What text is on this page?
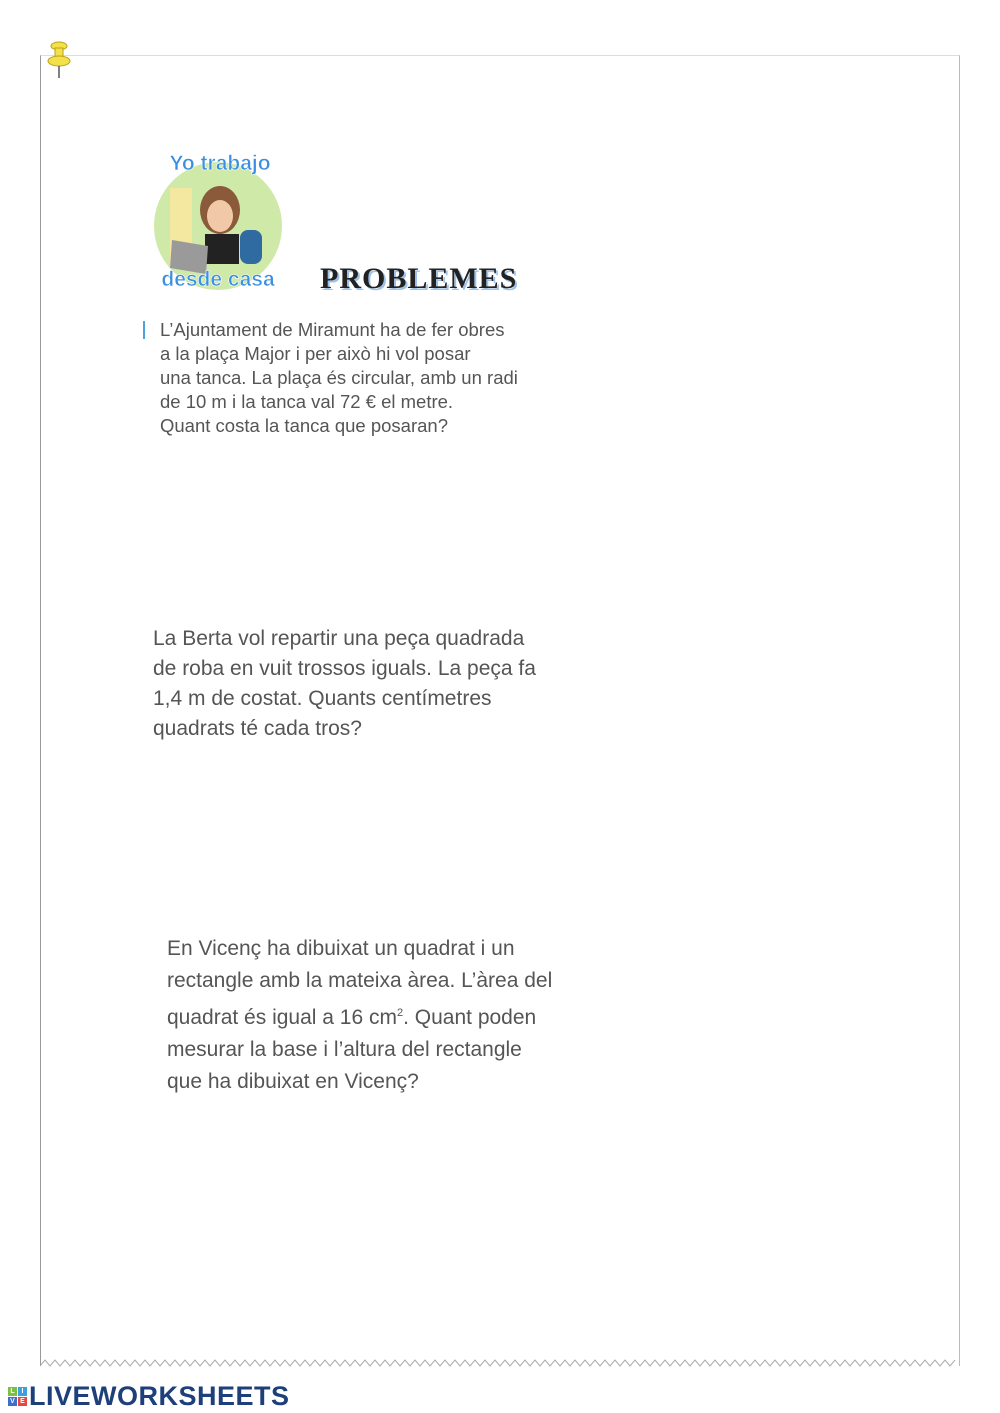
Yo trabajo
desde casa PROBLEMES
L’Ajuntament de Miramunt ha de fer obres
a la plaça Major i per això hi vol posar
una tanca. La plaça és circular, amb un radi
de 10 m i la tanca val 72 € el metre.
Quant costa la tanca que posaran?
La Berta vol repartir una peça quadrada
de roba en vuit trossos iguals. La peça fa
1,4 m de costat. Quants centímetres
quadrats té cada tros?
En Vicenç ha dibuixat un quadrat i un
rectangle amb la mateixa àrea. L’àrea del
quadrat és igual a 16 $cm^2$. Quant poden
mesurar la base i l’altura del rectangle
que ha dibuixat en Vicenç?
L I
V E LIVEWORKSHEETS
